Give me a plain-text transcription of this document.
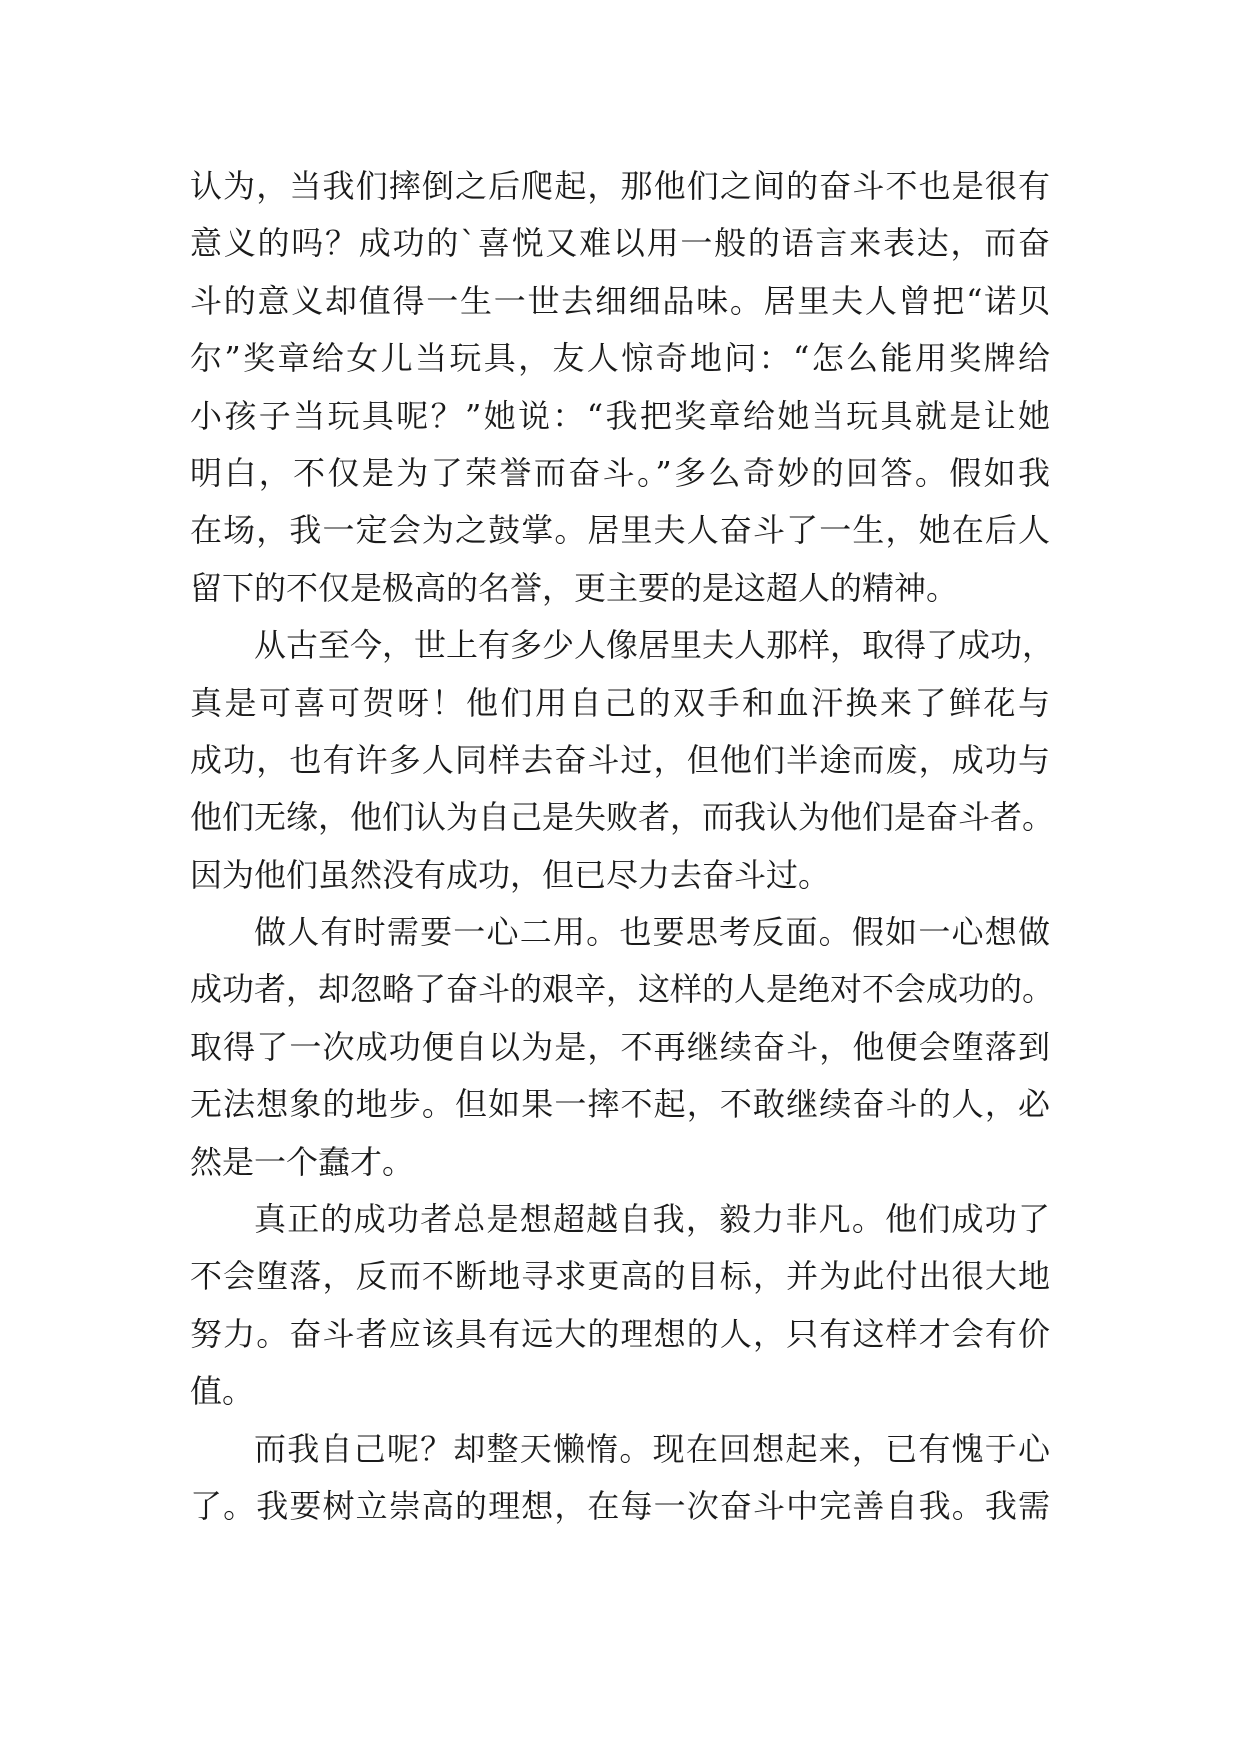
认为，当我们摔倒之后爬起，那他们之间的奋斗不也是很有
意义的吗？成功的`喜悦又难以用一般的语言来表达，而奋
斗的意义却值得一生一世去细细品味。居里夫人曾把“诺贝
尔”奖章给女儿当玩具，友人惊奇地问：“怎么能用奖牌给
小孩子当玩具呢？”她说：“我把奖章给她当玩具就是让她
明白，不仅是为了荣誉而奋斗。”多么奇妙的回答。假如我
在场，我一定会为之鼓掌。居里夫人奋斗了一生，她在后人
留下的不仅是极高的名誉，更主要的是这超人的精神。
从古至今，世上有多少人像居里夫人那样，取得了成功，
真是可喜可贺呀！他们用自己的双手和血汗换来了鲜花与
成功，也有许多人同样去奋斗过，但他们半途而废，成功与
他们无缘，他们认为自己是失败者，而我认为他们是奋斗者。
因为他们虽然没有成功，但已尽力去奋斗过。
做人有时需要一心二用。也要思考反面。假如一心想做
成功者，却忽略了奋斗的艰辛，这样的人是绝对不会成功的。
取得了一次成功便自以为是，不再继续奋斗，他便会堕落到
无法想象的地步。但如果一摔不起，不敢继续奋斗的人，必
然是一个蠢才。
真正的成功者总是想超越自我，毅力非凡。他们成功了
不会堕落，反而不断地寻求更高的目标，并为此付出很大地
努力。奋斗者应该具有远大的理想的人，只有这样才会有价
值。
而我自己呢？却整天懒惰。现在回想起来，已有愧于心
了。我要树立崇高的理想，在每一次奋斗中完善自我。我需
